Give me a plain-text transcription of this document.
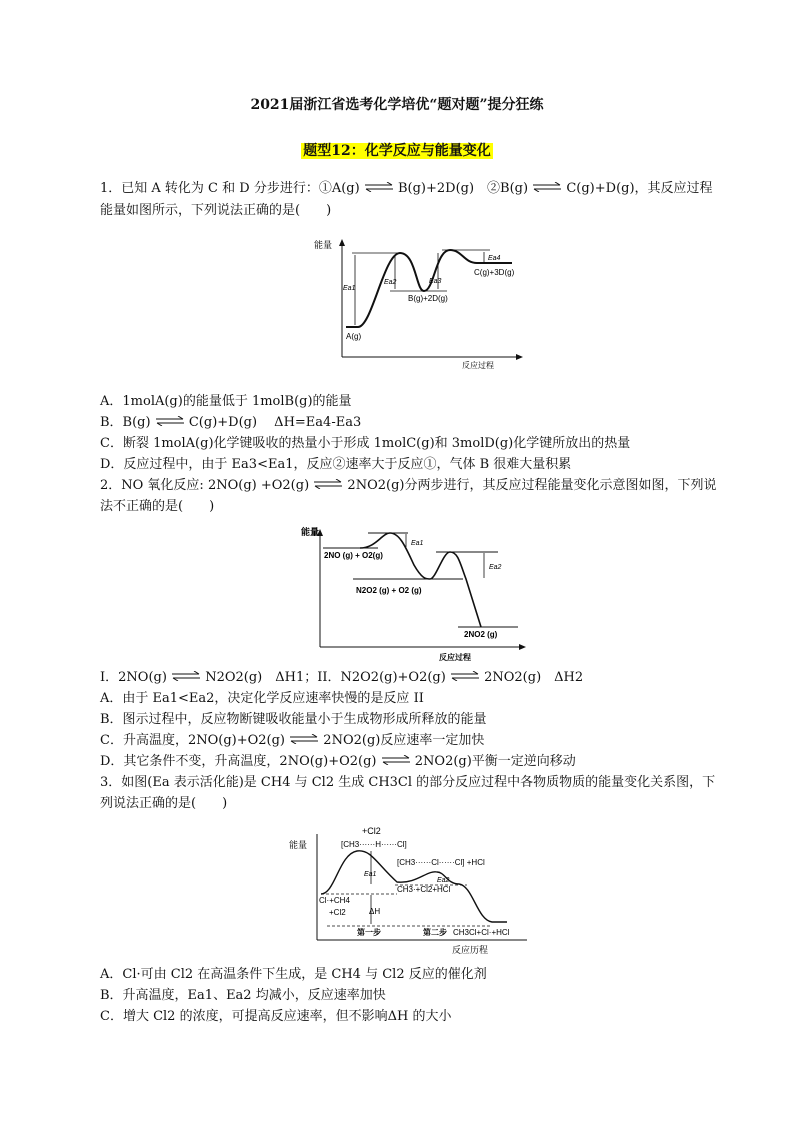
2021届浙江省选考化学培优“题对题”提分狂练
题型12：化学反应与能量变化
1．已知 A 转化为 C 和 D 分步进行：①A(g) ⇌ B(g)+2D(g)　②B(g) ⇌ C(g)+D(g)，其反应过程
能量如图所示，下列说法正确的是(　　)
能量
反应过程
Ea1
Ea2	Ea3
Ea4
A(g)
B(g)+2D(g)
C(g)+3D(g)
A．1molA(g)的能量低于 1molB(g)的能量
B．B(g) ⇌ C(g)+D(g)　 ΔH=Ea4-Ea3
C．断裂 1molA(g)化学键吸收的热量小于形成 1molC(g)和 3molD(g)化学键所放出的热量
D．反应过程中，由于 Ea3<Ea1，反应②速率大于反应①，气体 B 很难大量积累
2．NO 氧化反应: 2NO(g) +O2(g) ⇌ 2NO2(g)分两步进行，其反应过程能量变化示意图如图，下列说
法不正确的是(　　)
能量
反应过程
Ea1
Ea2
2NO (g) + O2(g)
N2O2 (g) + O2 (g)
2NO2 (g)
I．2NO(g) ⇌ N2O2(g)　ΔH1；II．N2O2(g)+O2(g) ⇌ 2NO2(g)　ΔH2
A．由于 Ea1<Ea2，决定化学反应速率快慢的是反应 II
B．图示过程中，反应物断键吸收能量小于生成物形成所释放的能量
C．升高温度，2NO(g)+O2(g) ⇌ 2NO2(g)反应速率一定加快
D．其它条件不变，升高温度，2NO(g)+O2(g) ⇌ 2NO2(g)平衡一定逆向移动
3．如图(Ea 表示活化能)是 CH4 与 Cl2 生成 CH3Cl 的部分反应过程中各物质物质的能量变化关系图，下
列说法正确的是(　　)
能量
反应历程
+Cl2
[CH3······H······Cl]
[CH3······Cl······Cl] +HCl
Ea1
Ea2
ΔH
CH3·+Cl2+HCl
Cl·+CH4
+Cl2
第一步	第二步 CH3Cl+Cl·+HCl
A．Cl·可由 Cl2 在高温条件下生成，是 CH4 与 Cl2 反应的催化剂
B．升高温度，Ea1、Ea2 均减小，反应速率加快
C．增大 Cl2 的浓度，可提高反应速率，但不影响ΔH 的大小
